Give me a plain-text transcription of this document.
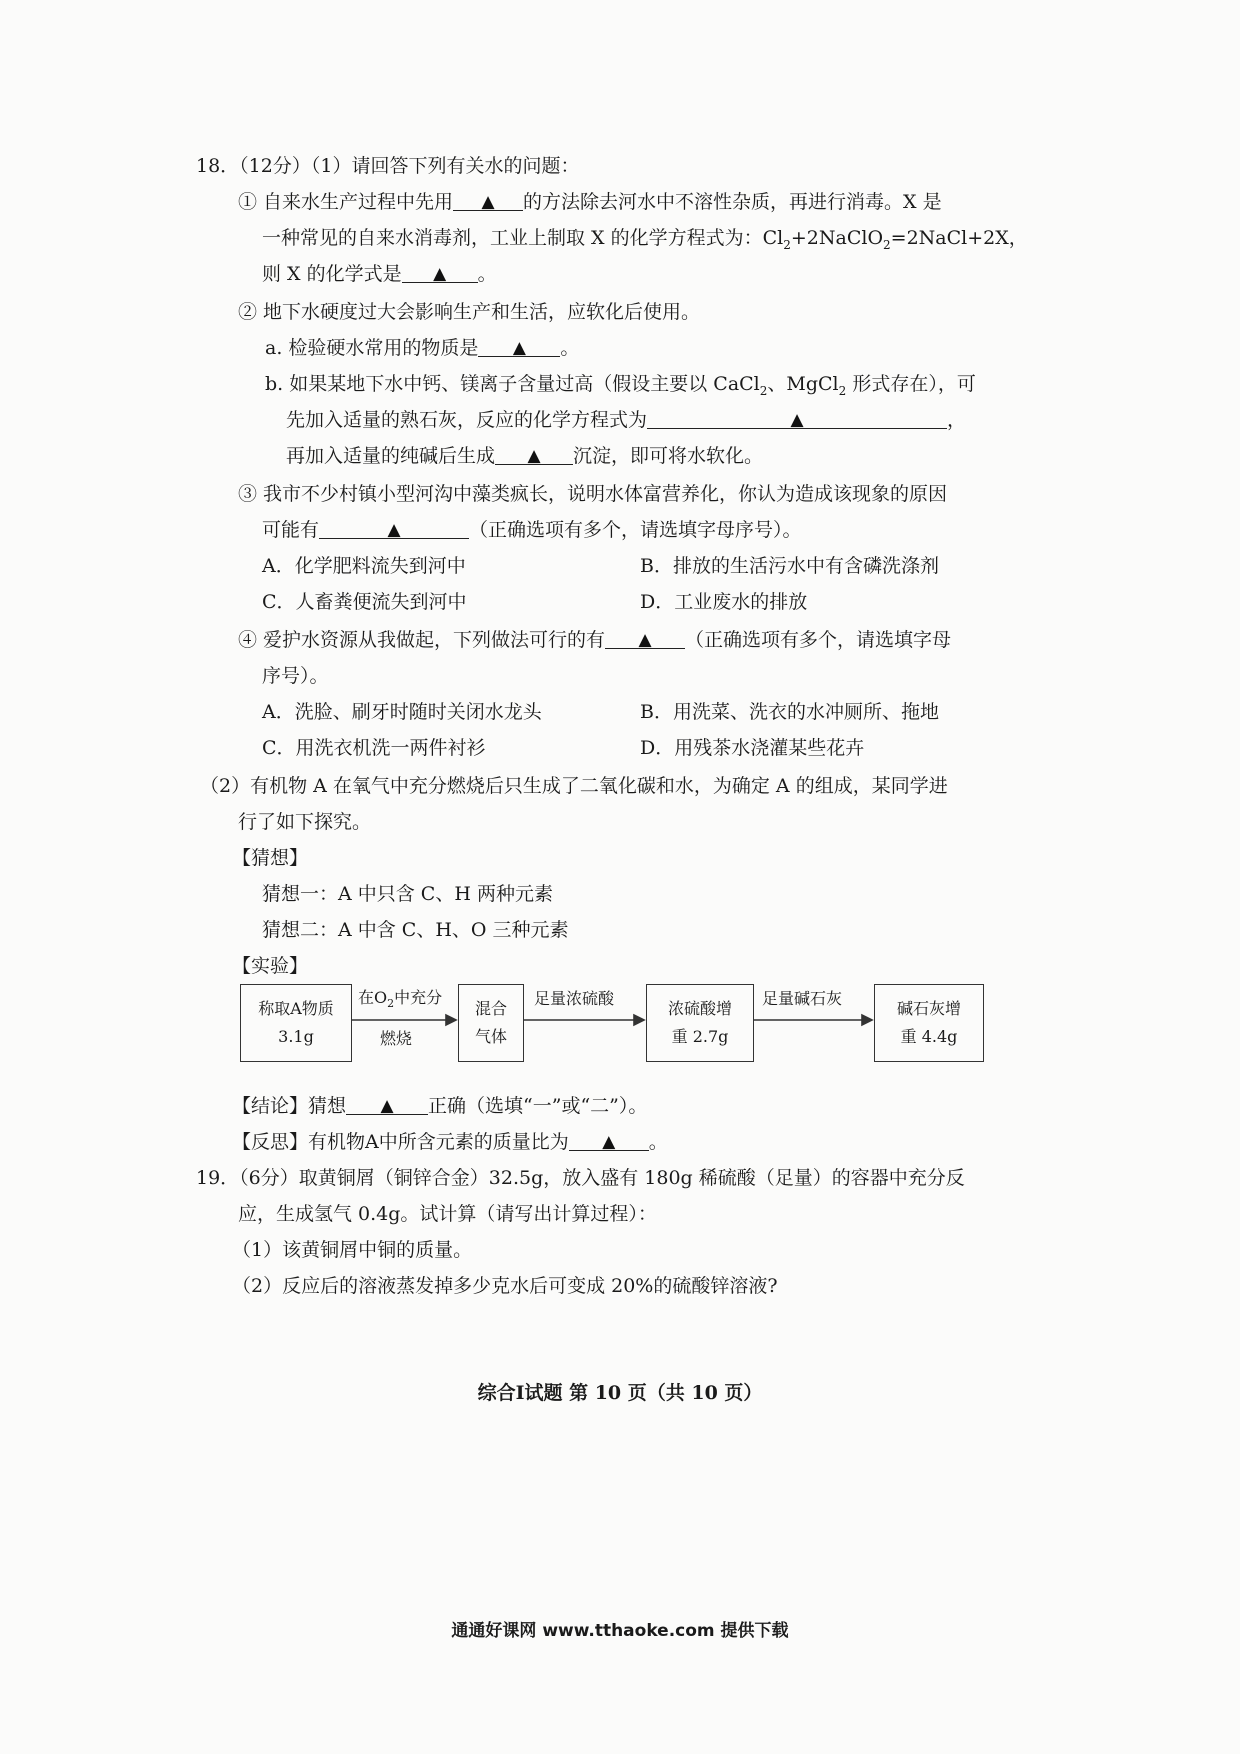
18．（12分）（1）请回答下列有关水的问题：
① 自来水生产过程中先用 ▲ 的方法除去河水中不溶性杂质，再进行消毒。X 是
一种常见的自来水消毒剂，工业上制取 X 的化学方程式为：$Cl_2+2NaClO_2=2NaCl+2X$，
则 X 的化学式是 ▲ 。
② 地下水硬度过大会影响生产和生活，应软化后使用。
a. 检验硬水常用的物质是 ▲ 。
b. 如果某地下水中钙、镁离子含量过高（假设主要以 CaCl$_2$、MgCl$_2$ 形式存在），可
先加入适量的熟石灰，反应的化学方程式为	▲	，
再加入适量的纯碱后生成 ▲ 沉淀，即可将水软化。
③ 我市不少村镇小型河沟中藻类疯长，说明水体富营养化，你认为造成该现象的原因
可能有	▲	（正确选项有多个，请选填字母序号）。
A．化学肥料流失到河中	B．排放的生活污水中有含磷洗涤剂
C．人畜粪便流失到河中	D．工业废水的排放
④ 爱护水资源从我做起，下列做法可行的有 ▲ （正确选项有多个，请选填字母
序号）。
A．洗脸、刷牙时随时关闭水龙头	B．用洗菜、洗衣的水冲厕所、拖地
C．用洗衣机洗一两件衬衫	D．用残茶水浇灌某些花卉
（2）有机物 A 在氧气中充分燃烧后只生成了二氧化碳和水，为确定 A 的组成，某同学进
行了如下探究。
【猜想】
猜想一：A 中只含 C、H 两种元素
猜想二：A 中含 C、H、O 三种元素
【实验】
称取A物质
3.1g
在$O_2$中充分
燃烧
混合
气体
足量浓硫酸
浓硫酸增
重 2.7g
足量碱石灰
碱石灰增
重 4.4g
【结论】猜想 ▲ 正确（选填“一”或“二”）。
【反思】有机物A中所含元素的质量比为 ▲ 。
19．（6分）取黄铜屑（铜锌合金）32.5g，放入盛有 180g 稀硫酸（足量）的容器中充分反
应，生成氢气 0.4g。试计算（请写出计算过程）：
（1）该黄铜屑中铜的质量。
（2）反应后的溶液蒸发掉多少克水后可变成 20%的硫酸锌溶液?
综合Ⅰ试题 第 10 页（共 10 页）
通通好课网 www.tthaoke.com 提供下载
